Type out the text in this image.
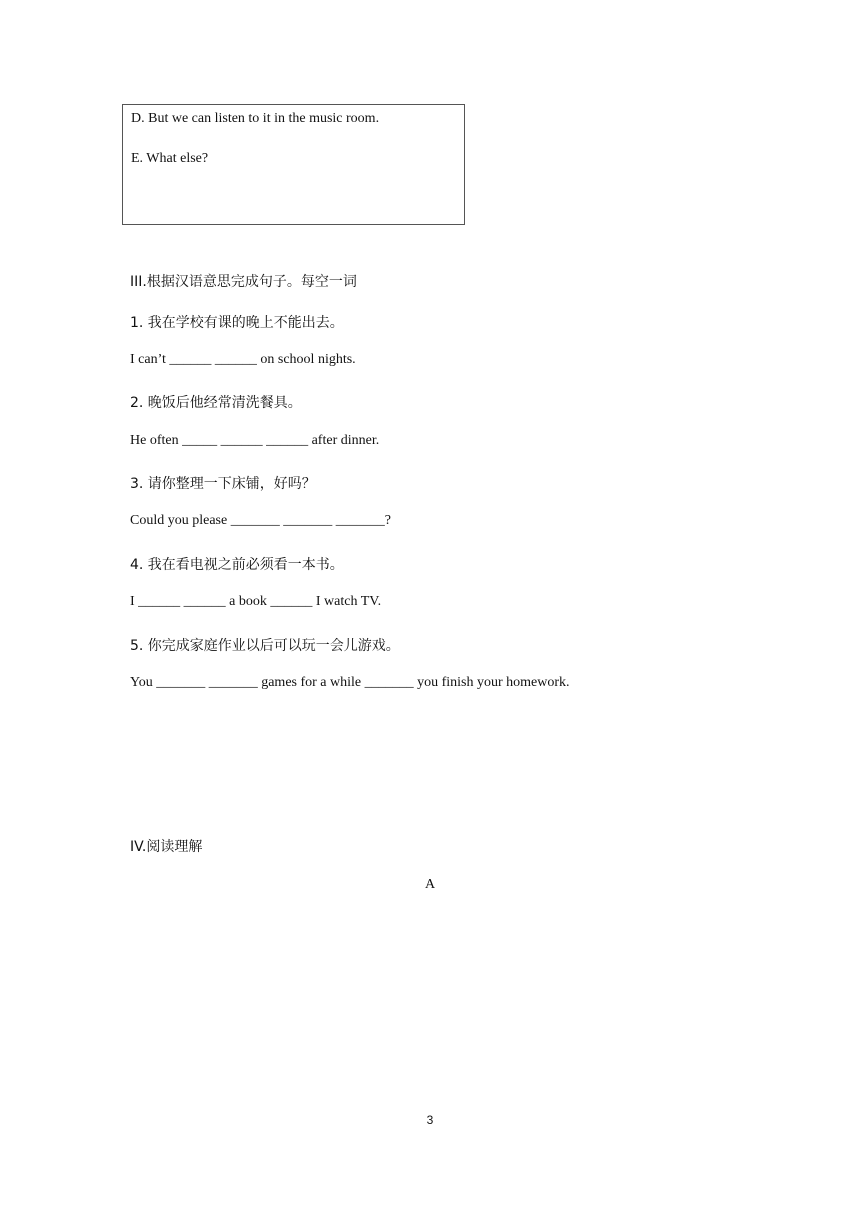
D. But we can listen to it in the music room.
E. What else?
III.根据汉语意思完成句子。每空一词
1. 我在学校有课的晚上不能出去。
I can’t ______ ______ on school nights.
2. 晚饭后他经常清洗餐具。
He often _____ ______ ______ after dinner.
3. 请你整理一下床铺，好吗？
Could you please _______ _______ _______?
4. 我在看电视之前必须看一本书。
I ______ ______ a book ______ I watch TV.
5. 你完成家庭作业以后可以玩一会儿游戏。
You _______ _______ games for a while _______ you finish your homework.
IV.阅读理解
A
3
